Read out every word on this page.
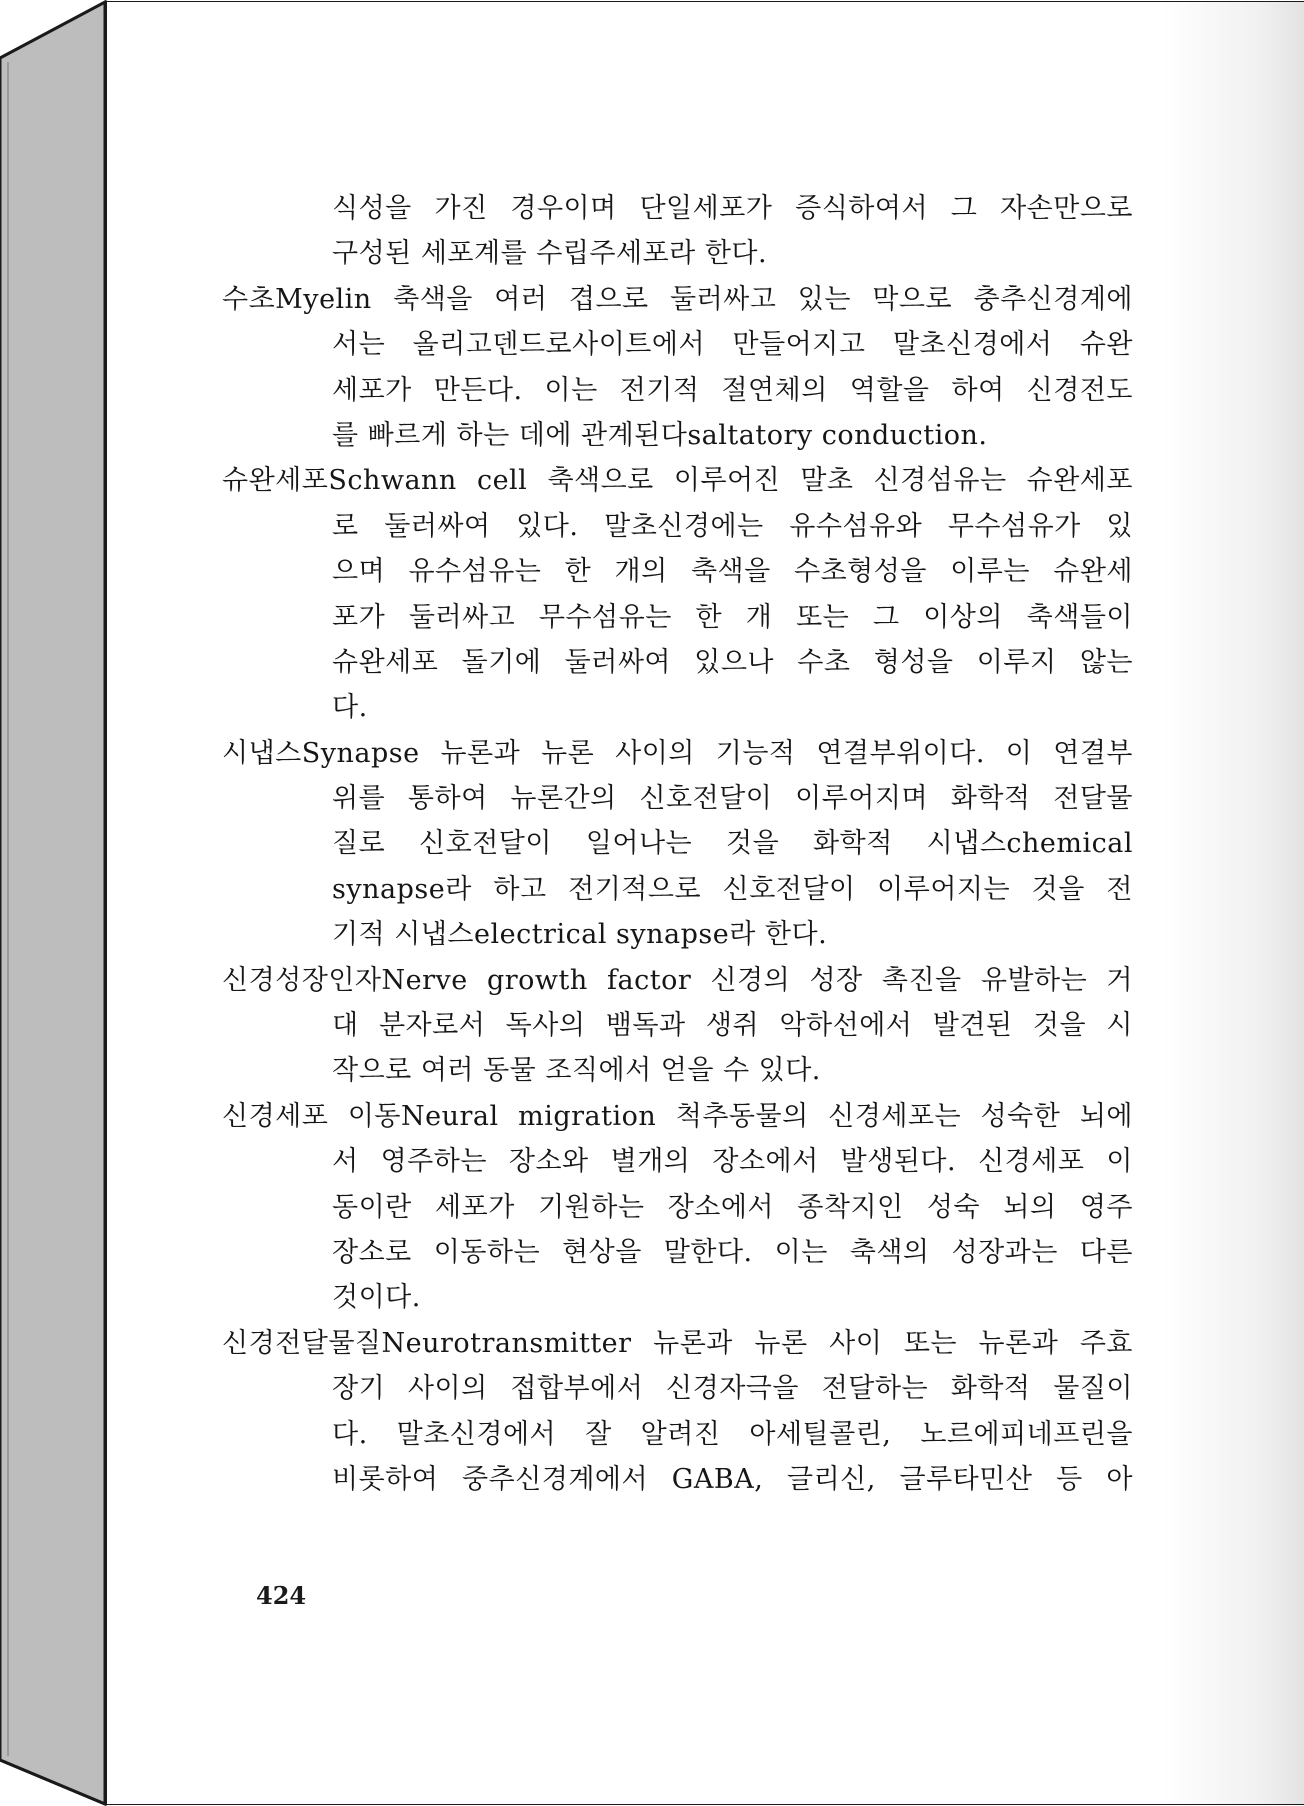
식성을 가진 경우이며 단일세포가 증식하여서 그 자손만으로
구성된 세포계를 수립주세포라 한다.
수초Myelin 축색을 여러 겹으로 둘러싸고 있는 막으로 충추신경계에
서는 올리고덴드로사이트에서 만들어지고 말초신경에서 슈완
세포가 만든다. 이는 전기적 절연체의 역할을 하여 신경전도
를 빠르게 하는 데에 관계된다saltatory conduction.
슈완세포Schwann cell 축색으로 이루어진 말초 신경섬유는 슈완세포
로 둘러싸여 있다. 말초신경에는 유수섬유와 무수섬유가 있
으며 유수섬유는 한 개의 축색을 수초형성을 이루는 슈완세
포가 둘러싸고 무수섬유는 한 개 또는 그 이상의 축색들이
슈완세포 돌기에 둘러싸여 있으나 수초 형성을 이루지 않는
다.
시냅스Synapse 뉴론과 뉴론 사이의 기능적 연결부위이다. 이 연결부
위를 통하여 뉴론간의 신호전달이 이루어지며 화학적 전달물
질로 신호전달이 일어나는 것을 화학적 시냅스chemical
synapse라 하고 전기적으로 신호전달이 이루어지는 것을 전
기적 시냅스electrical synapse라 한다.
신경성장인자Nerve growth factor 신경의 성장 촉진을 유발하는 거
대 분자로서 독사의 뱀독과 생쥐 악하선에서 발견된 것을 시
작으로 여러 동물 조직에서 얻을 수 있다.
신경세포 이동Neural migration 척추동물의 신경세포는 성숙한 뇌에
서 영주하는 장소와 별개의 장소에서 발생된다. 신경세포 이
동이란 세포가 기원하는 장소에서 종착지인 성숙 뇌의 영주
장소로 이동하는 현상을 말한다. 이는 축색의 성장과는 다른
것이다.
신경전달물질Neurotransmitter 뉴론과 뉴론 사이 또는 뉴론과 주효
장기 사이의 접합부에서 신경자극을 전달하는 화학적 물질이
다. 말초신경에서 잘 알려진 아세틸콜린, 노르에피네프린을
비롯하여 중추신경계에서 GABA, 글리신, 글루타민산 등 아
424
